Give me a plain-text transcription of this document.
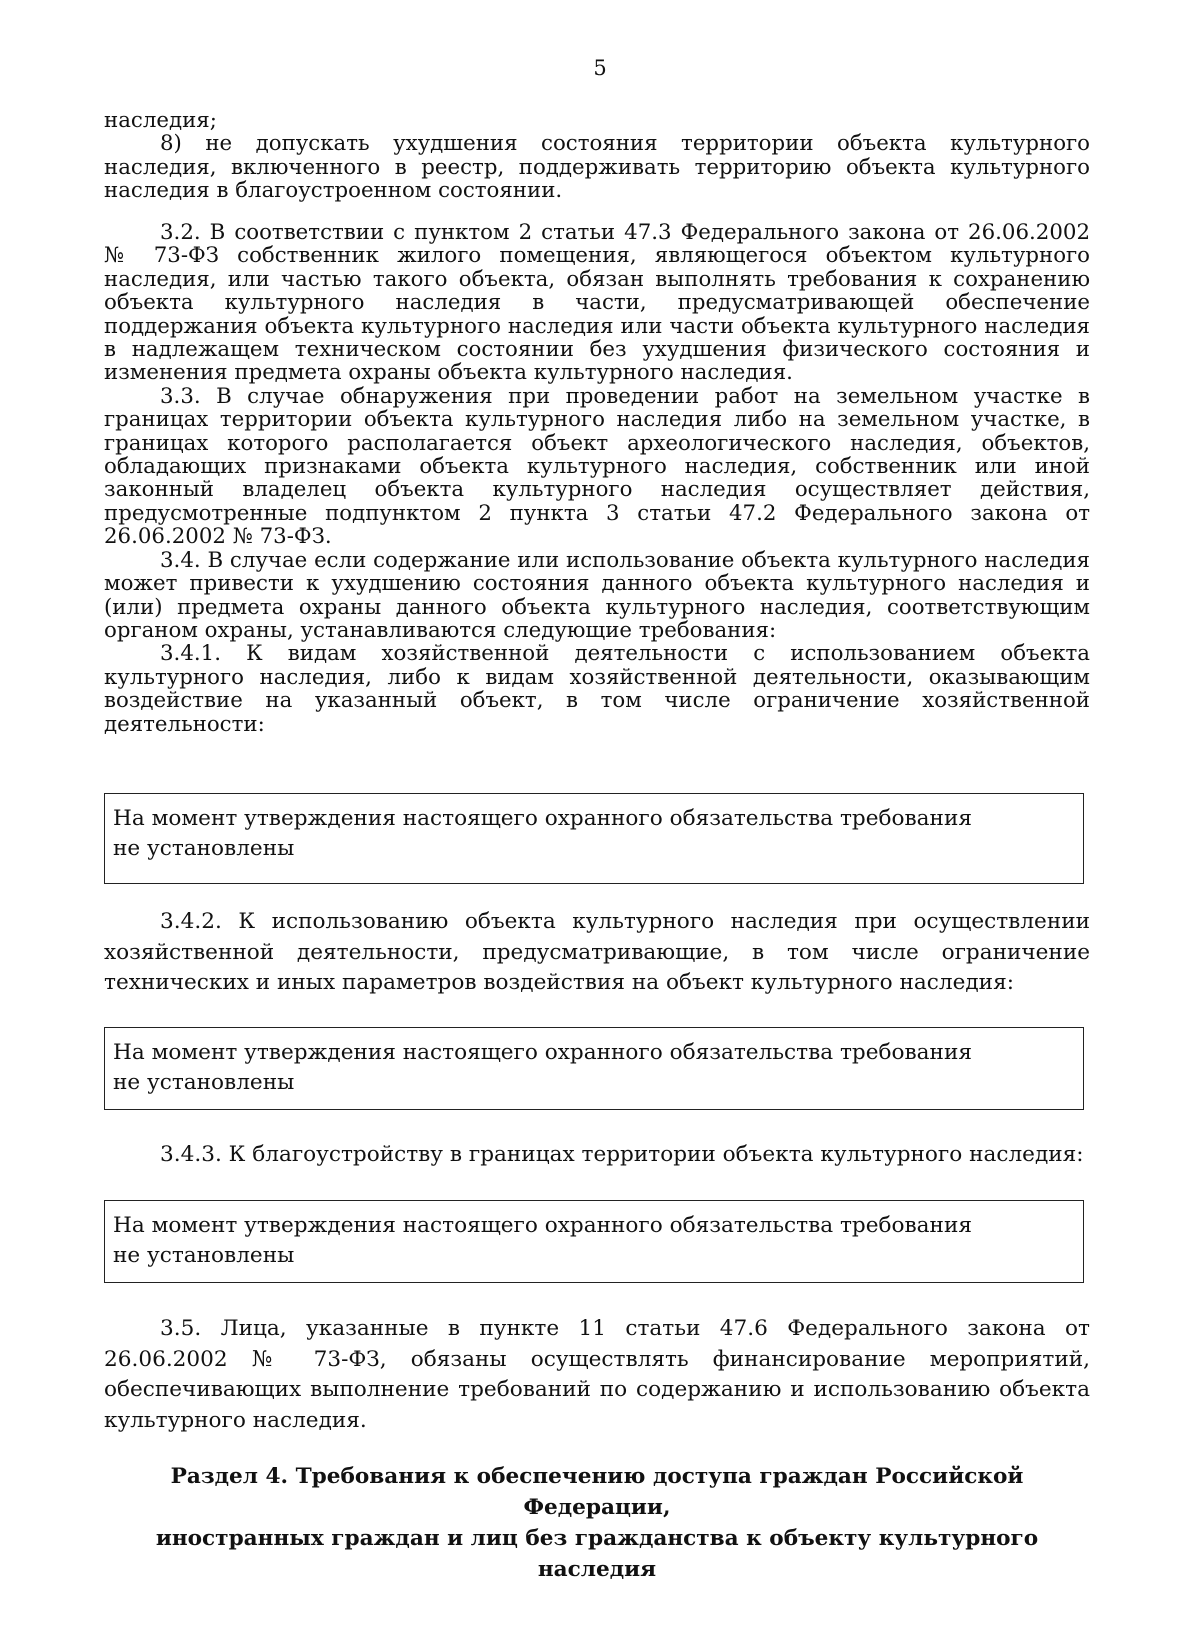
5

наследия;

8) не допускать ухудшения состояния территории объекта культурного наследия, включенного в реестр, поддерживать территорию объекта культурного наследия в благоустроенном состоянии.

3.2. В соответствии с пунктом 2 статьи 47.3 Федерального закона от 26.06.2002 № 73-ФЗ собственник жилого помещения, являющегося объектом культурного наследия, или частью такого объекта, обязан выполнять требования к сохранению объекта культурного наследия в части, предусматривающей обеспечение поддержания объекта культурного наследия или части объекта культурного наследия в надлежащем техническом состоянии без ухудшения физического состояния и изменения предмета охраны объекта культурного наследия.

3.3. В случае обнаружения при проведении работ на земельном участке в границах территории объекта культурного наследия либо на земельном участке, в границах которого располагается объект археологического наследия, объектов, обладающих признаками объекта культурного наследия, собственник или иной законный владелец объекта культурного наследия осуществляет действия, предусмотренные подпунктом 2 пункта 3 статьи 47.2 Федерального закона от 26.06.2002 № 73-ФЗ.

3.4. В случае если содержание или использование объекта культурного наследия может привести к ухудшению состояния данного объекта культурного наследия и (или) предмета охраны данного объекта культурного наследия, соответствующим органом охраны, устанавливаются следующие требования:

3.4.1. К видам хозяйственной деятельности с использованием объекта культурного наследия, либо к видам хозяйственной деятельности, оказывающим воздействие на указанный объект, в том числе ограничение хозяйственной деятельности:

На момент утверждения настоящего охранного обязательства требования
не установлены

3.4.2. К использованию объекта культурного наследия при осуществлении хозяйственной деятельности, предусматривающие, в том числе ограничение технических и иных параметров воздействия на объект культурного наследия:

На момент утверждения настоящего охранного обязательства требования
не установлены

3.4.3. К благоустройству в границах территории объекта культурного наследия:

На момент утверждения настоящего охранного обязательства требования
не установлены

3.5. Лица, указанные в пункте 11 статьи 47.6 Федерального закона от 26.06.2002 № 73-ФЗ, обязаны осуществлять финансирование мероприятий, обеспечивающих выполнение требований по содержанию и использованию объекта культурного наследия.

Раздел 4. Требования к обеспечению доступа граждан Российской Федерации,
иностранных граждан и лиц без гражданства к объекту культурного наследия
